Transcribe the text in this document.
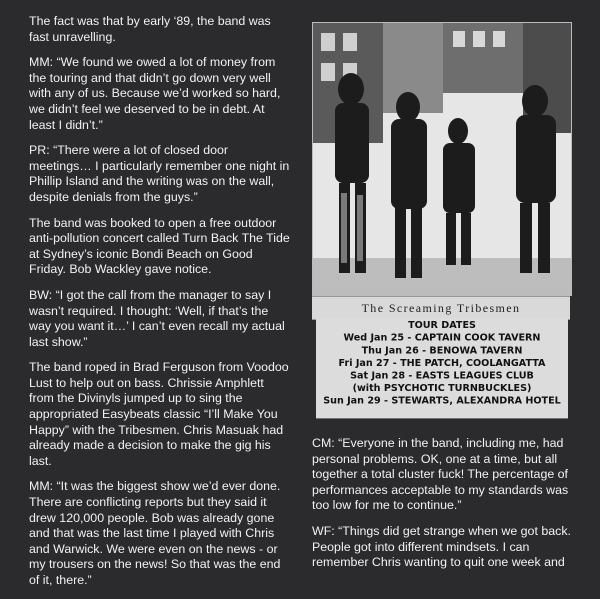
The fact was that by early ‘89, the band was fast unravelling.

MM: “We found we owed a lot of money from the touring and that didn’t go down very well with any of us. Because we’d worked so hard, we didn’t feel we deserved to be in debt. At least I didn’t.”

PR: “There were a lot of closed door meetings… I particularly remember one night in Phillip Island and the writing was on the wall, despite denials from the guys.”

The band was booked to open a free outdoor anti-pollution concert called Turn Back The Tide at Sydney’s iconic Bondi Beach on Good Friday. Bob Wackley gave notice.

BW: “I got the call from the manager to say I wasn’t required. I thought: ‘Well, if that’s the way you want it…’ I can’t even recall my actual last show.”

The band roped in Brad Ferguson from Voodoo Lust to help out on bass. Chrissie Amphlett from the Divinyls jumped up to sing the appropriated Easybeats classic “I’ll Make You Happy” with the Tribesmen. Chris Masuak had already made a decision to make the gig his last.

MM: “It was the biggest show we’d ever done. There are conflicting reports but they said it drew 120,000 people. Bob was already gone and that was the last time I played with Chris and Warwick. We were even on the news - or my trousers on the news! So that was the end of it, there.”

The Screaming Tribesmen
TOUR DATES
Wed Jan 25 - CAPTAIN COOK TAVERN
Thu Jan 26 - BENOWA TAVERN
Fri Jan 27 - THE PATCH, COOLANGATTA
Sat Jan 28 - EASTS LEAGUES CLUB
(with PSYCHOTIC TURNBUCKLES)
Sun Jan 29 - STEWARTS, ALEXANDRA HOTEL

CM: “Everyone in the band, including me, had personal problems. OK, one at a time, but all together a total cluster fuck! The percentage of performances acceptable to my standards was too low for me to continue.”

WF: “Things did get strange when we got back. People got into different mindsets. I can remember Chris wanting to quit one week and
